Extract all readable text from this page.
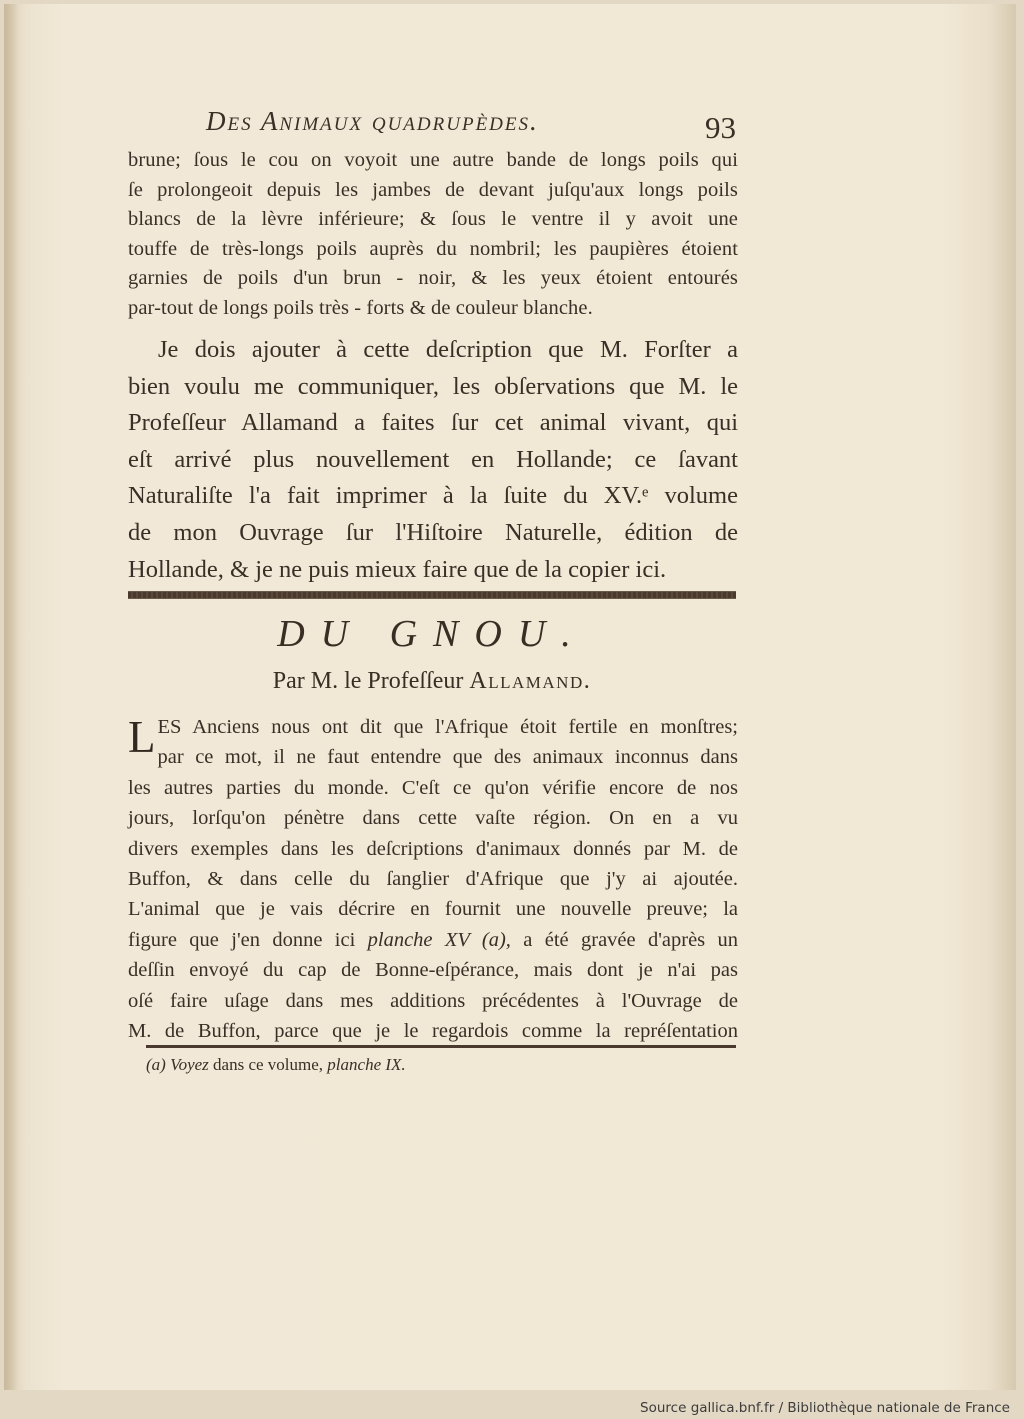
Des Animaux quadrupèdes.	93
brune; ſous le cou on voyoit une autre bande de longs poils qui
ſe prolongeoit depuis les jambes de devant juſqu'aux longs poils
blancs de la lèvre inférieure; & ſous le ventre il y avoit une
touffe de très-longs poils auprès du nombril; les paupières étoient
garnies de poils d'un brun - noir, & les yeux étoient entourés
par-tout de longs poils très - forts & de couleur blanche.
Je dois ajouter à cette deſcription que M. Forſter a
bien voulu me communiquer, les obſervations que M. le
Profeſſeur Allamand a faites ſur cet animal vivant, qui
eſt arrivé plus nouvellement en Hollande; ce ſavant
Naturaliſte l'a fait imprimer à la ſuite du XV.ᵉ volume
de mon Ouvrage ſur l'Hiſtoire Naturelle, édition de
Hollande, & je ne puis mieux faire que de la copier ici.
DU GNOU.
Par M. le Profeſſeur Allamand.
LES Anciens nous ont dit que l'Afrique étoit fertile en monſtres;
par ce mot, il ne faut entendre que des animaux inconnus dans
les autres parties du monde. C'eſt ce qu'on vérifie encore de nos
jours, lorſqu'on pénètre dans cette vaſte région. On en a vu
divers exemples dans les deſcriptions d'animaux donnés par M. de
Buffon, & dans celle du ſanglier d'Afrique que j'y ai ajoutée.
L'animal que je vais décrire en fournit une nouvelle preuve; la
figure que j'en donne ici planche XV (a), a été gravée d'après un
deſſin envoyé du cap de Bonne-eſpérance, mais dont je n'ai pas
oſé faire uſage dans mes additions précédentes à l'Ouvrage de
M. de Buffon, parce que je le regardois comme la repréſentation
(a) Voyez dans ce volume, planche IX.
Source gallica.bnf.fr / Bibliothèque nationale de France
